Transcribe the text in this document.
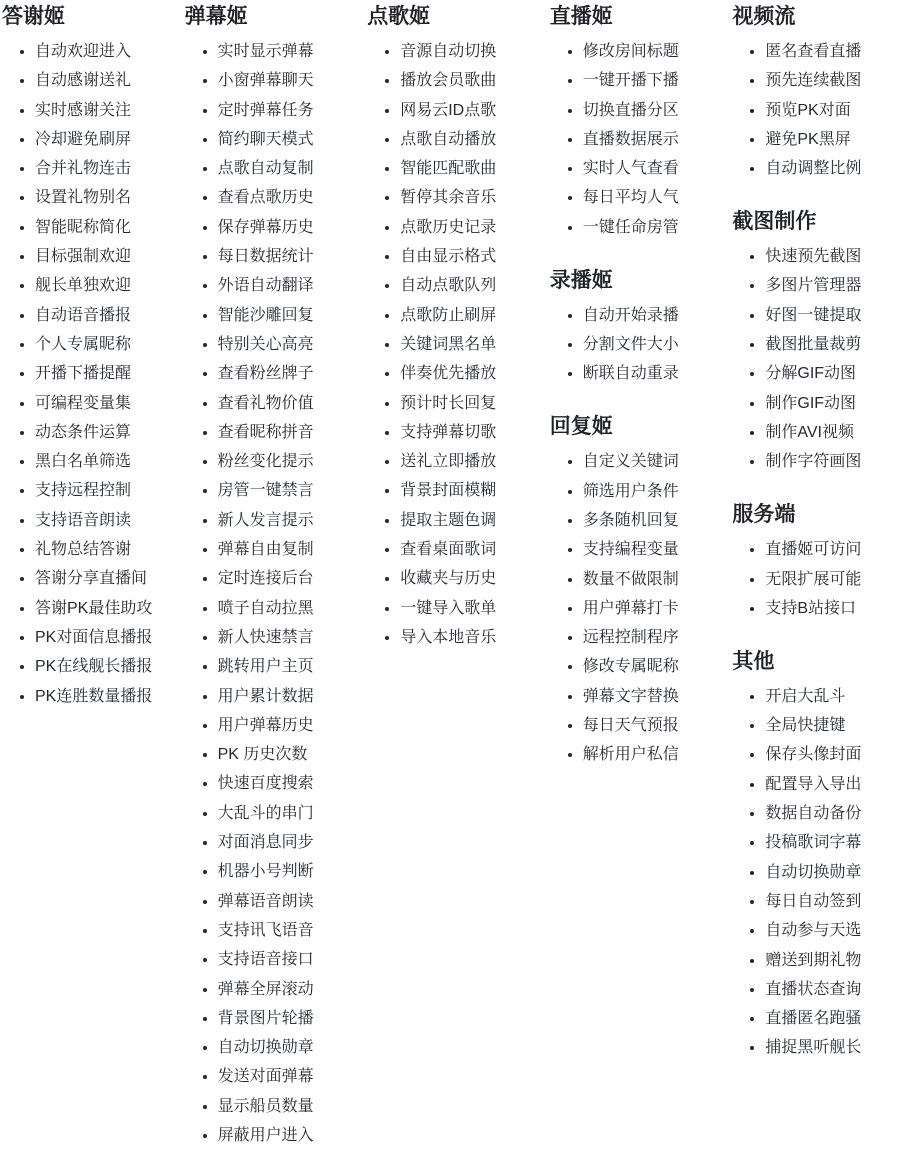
答谢姬
• 自动欢迎进入
• 自动感谢送礼
• 实时感谢关注
• 冷却避免刷屏
• 合并礼物连击
• 设置礼物别名
• 智能昵称简化
• 目标强制欢迎
• 舰长单独欢迎
• 自动语音播报
• 个人专属昵称
• 开播下播提醒
• 可编程变量集
• 动态条件运算
• 黑白名单筛选
• 支持远程控制
• 支持语音朗读
• 礼物总结答谢
• 答谢分享直播间
• 答谢PK最佳助攻
• PK对面信息播报
• PK在线舰长播报
• PK连胜数量播报
弹幕姬
• 实时显示弹幕
• 小窗弹幕聊天
• 定时弹幕任务
• 简约聊天模式
• 点歌自动复制
• 查看点歌历史
• 保存弹幕历史
• 每日数据统计
• 外语自动翻译
• 智能沙雕回复
• 特别关心高亮
• 查看粉丝牌子
• 查看礼物价值
• 查看昵称拼音
• 粉丝变化提示
• 房管一键禁言
• 新人发言提示
• 弹幕自由复制
• 定时连接后台
• 喷子自动拉黑
• 新人快速禁言
• 跳转用户主页
• 用户累计数据
• 用户弹幕历史
• PK 历史次数
• 快速百度搜索
• 大乱斗的串门
• 对面消息同步
• 机器小号判断
• 弹幕语音朗读
• 支持讯飞语音
• 支持语音接口
• 弹幕全屏滚动
• 背景图片轮播
• 自动切换勋章
• 发送对面弹幕
• 显示船员数量
• 屏蔽用户进入
点歌姬
• 音源自动切换
• 播放会员歌曲
• 网易云ID点歌
• 点歌自动播放
• 智能匹配歌曲
• 暂停其余音乐
• 点歌历史记录
• 自由显示格式
• 自动点歌队列
• 点歌防止刷屏
• 关键词黑名单
• 伴奏优先播放
• 预计时长回复
• 支持弹幕切歌
• 送礼立即播放
• 背景封面模糊
• 提取主题色调
• 查看桌面歌词
• 收藏夹与历史
• 一键导入歌单
• 导入本地音乐
直播姬
• 修改房间标题
• 一键开播下播
• 切换直播分区
• 直播数据展示
• 实时人气查看
• 每日平均人气
• 一键任命房管
录播姬
• 自动开始录播
• 分割文件大小
• 断联自动重录
回复姬
• 自定义关键词
• 筛选用户条件
• 多条随机回复
• 支持编程变量
• 数量不做限制
• 用户弹幕打卡
• 远程控制程序
• 修改专属昵称
• 弹幕文字替换
• 每日天气预报
• 解析用户私信
视频流
• 匿名查看直播
• 预先连续截图
• 预览PK对面
• 避免PK黑屏
• 自动调整比例
截图制作
• 快速预先截图
• 多图片管理器
• 好图一键提取
• 截图批量裁剪
• 分解GIF动图
• 制作GIF动图
• 制作AVI视频
• 制作字符画图
服务端
• 直播姬可访问
• 无限扩展可能
• 支持B站接口
其他
• 开启大乱斗
• 全局快捷键
• 保存头像封面
• 配置导入导出
• 数据自动备份
• 投稿歌词字幕
• 自动切换勋章
• 每日自动签到
• 自动参与天选
• 赠送到期礼物
• 直播状态查询
• 直播匿名跑骚
• 捕捉黑听舰长
